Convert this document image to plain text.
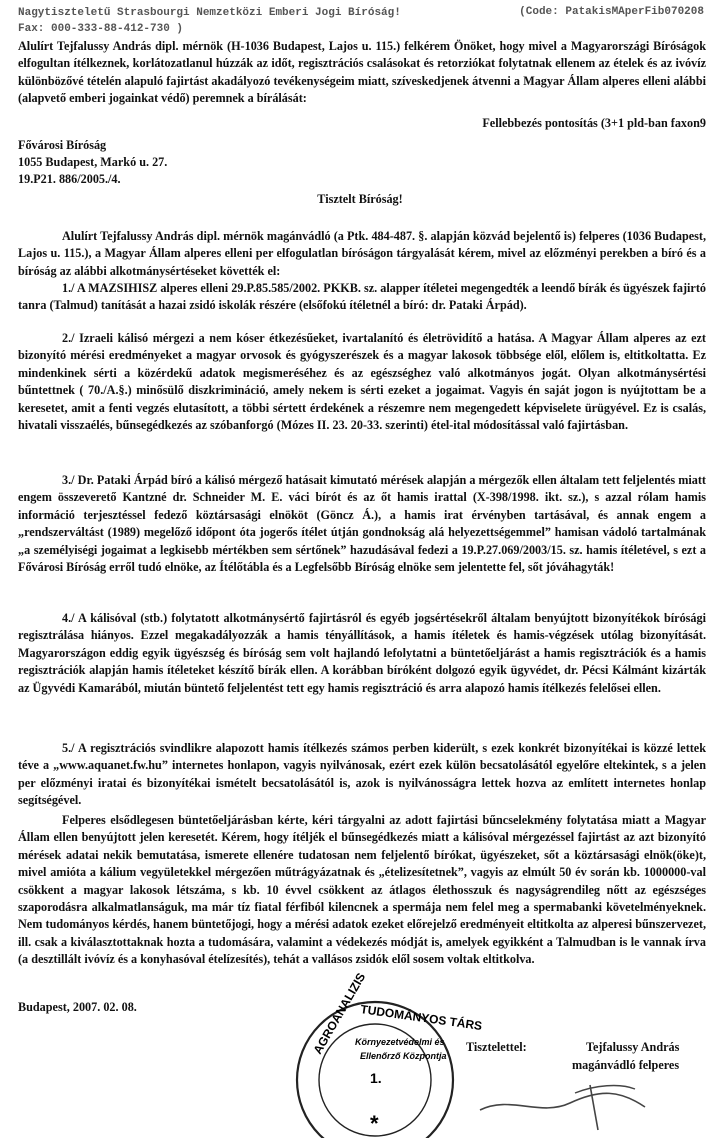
Nagytiszteletű Strasbourgi Nemzetközi Emberi Jogi Bíróság!	(Code: PatakisMAperFib070208
Fax: 000-333-88-412-730 )
Alulírt Tejfalussy András dipl. mérnök (H-1036 Budapest, Lajos u. 115.) felkérem Önöket, hogy mivel a Magyarországi Bíróságok elfogultan ítélkeznek, korlátozatlanul húzzák az időt, regisztrációs csalásokat és retorziókat folytatnak ellenem az ételek és az ivóvíz különbözővé tételén alapuló fajirtást akadályozó tevékenységeim miatt, szíveskedjenek átvenni a Magyar Állam alperes elleni alábbi (alapvető emberi jogainkat védő) peremnek a bírálását:
Fellebbezés pontosítás (3+1 pld-ban faxon9
Fővárosi Bíróság
1055 Budapest, Markó u. 27.
19.P21. 886/2005./4.
Tisztelt Bíróság!
Alulírt Tejfalussy András dipl. mérnök magánvádló (a Ptk. 484-487. §. alapján közvád bejelentő is) felperes (1036 Budapest, Lajos u. 115.), a Magyar Állam alperes elleni per elfogulatlan bíróságon tárgyalását kérem, mivel az előzményi perekben a bíró és a bíróság az alábbi alkotmánysértéseket követték el:
1./ A MAZSIHISZ alperes elleni 29.P.85.585/2002. PKKB. sz. alapper ítéletei megengedték a leendő bírák és ügyészek fajirtó tanra (Talmud) tanítását a hazai zsidó iskolák részére (elsőfokú ítéletnél a bíró: dr. Pataki Árpád).
2./ Izraeli kálisó mérgezi a nem kóser étkezésűeket, ivartalanító és életrövidítő a hatása. A Magyar Állam alperes az ezt bizonyító mérési eredményeket a magyar orvosok és gyógyszerészek és a magyar lakosok többsége elől, előlem is, eltitkoltatta. Ez mindenkinek sérti a közérdekű adatok megismeréséhez és az egészséghez való alkotmányos jogát. Olyan alkotmánysértési bűntettnek ( 70./A.§.) minősülő diszkrimináció, amely nekem is sérti ezeket a jogaimat. Vagyis én saját jogon is nyújtottam be a keresetet, amit a fenti vegzés elutasított, a többi sértett érdekének a részemre nem megengedett képviselete ürügyével. Ez is csalás, hivatali visszaélés, bűnsegédkezés az szóbanforgó (Mózes II. 23. 20-33. szerinti) étel-ital módosítással való fajirtásban.
3./ Dr. Pataki Árpád bíró a kálisó mérgező hatásait kimutató mérések alapján a mérgezők ellen általam tett feljelentés miatt engem összeverető Kantzné dr. Schneider M. E. váci bírót és az őt hamis irattal (X-398/1998. ikt. sz.), s azzal rólam hamis információ terjesztéssel fedező köztársasági elnököt (Göncz Á.), a hamis irat érvényben tartásával, és annak engem a „rendszerváltást (1989) megelőző időpont óta jogerős ítélet útján gondnokság alá helyezettségemmel” hamisan vádoló tartalmának „a személyiségi jogaimat a legkisebb mértékben sem sértőnek” hazudásával fedezi a 19.P.27.069/2003/15. sz. hamis ítéletével, s ezt a Fővárosi Bíróság erről tudó elnöke, az Ítélőtábla és a Legfelsőbb Bíróság elnöke sem jelentette fel, sőt jóváhagyták!
4./ A kálisóval (stb.) folytatott alkotmánysértő fajirtásról és egyéb jogsértésekről általam benyújtott bizonyítékok bírósági regisztrálása hiányos. Ezzel megakadályozzák a hamis tényállítások, a hamis ítéletek és hamis-végzések utólag bizonyítását. Magyarországon eddig egyik ügyészség és bíróság sem volt hajlandó lefolytatni a büntetőeljárást a hamis regisztrációk és a hamis regisztrációk alapján hamis ítéleteket készítő bírák ellen. A korábban bíróként dolgozó egyik ügyvédet, dr. Pécsi Kálmánt kizárták az Ügyvédi Kamarából, miután büntető feljelentést tett egy hamis regisztráció és arra alapozó hamis ítélkezés felelősei ellen.
5./ A regisztrációs svindlikre alapozott hamis ítélkezés számos perben kiderült, s ezek konkrét bizonyítékai is közzé lettek téve a „www.aquanet.fw.hu” internetes honlapon, vagyis nyilvánosak, ezért ezek külön becsatolásától egyelőre eltekintek, s a jelen per előzményi iratai és bizonyítékai ismételt becsatolásától is, azok is nyilvánosságra lettek hozva az említett internetes honlap segítségével.
Felperes elsődlegesen büntetőeljárásban kérte, kéri tárgyalni az adott fajirtási bűncselekmény folytatása miatt a Magyar Állam ellen benyújtott jelen keresetét. Kérem, hogy ítéljék el bűnsegédkezés miatt a kálisóval mérgezéssel fajirtást az azt bizonyító mérések adatai nekik bemutatása, ismerete ellenére tudatosan nem feljelentő bírókat, ügyészeket, sőt a köztársasági elnök(öke)t, mivel amióta a kálium vegyületekkel mérgezően műtrágyázatnak és „ételizesítetnek”, vagyis az elmúlt 50 év során kb. 1000000-val csökkent a magyar lakosok létszáma, s kb. 10 évvel csökkent az átlagos élethosszuk és nagyságrendileg nőtt az egészséges szaporodásra alkalmatlanságuk, ma már tíz fiatal férfiból kilencnek a spermája nem felel meg a spermabanki követelményeknek. Nem tudományos kérdés, hanem büntetőjogi, hogy a mérési adatok ezeket előrejelző eredményeit eltitkolta az alperesi bűnszervezet, ill. csak a kiválasztottaknak hozta a tudomására, valamint a védekezés módját is, amelyek egyikként a Talmudban is le vannak írva (a desztillált ivóvíz és a konyhasóval ételízesítés), tehát a vallásos zsidók elől sosem voltak eltitkolva.
Budapest, 2007. 02. 08.
Tisztelettel:	Tejfalussy András
magánvádló felperes
AGROANALIZIS
TUDOMÁNYOS TÁRS
Környezetvédelmi és
Ellenőrző Központja
1.
*
